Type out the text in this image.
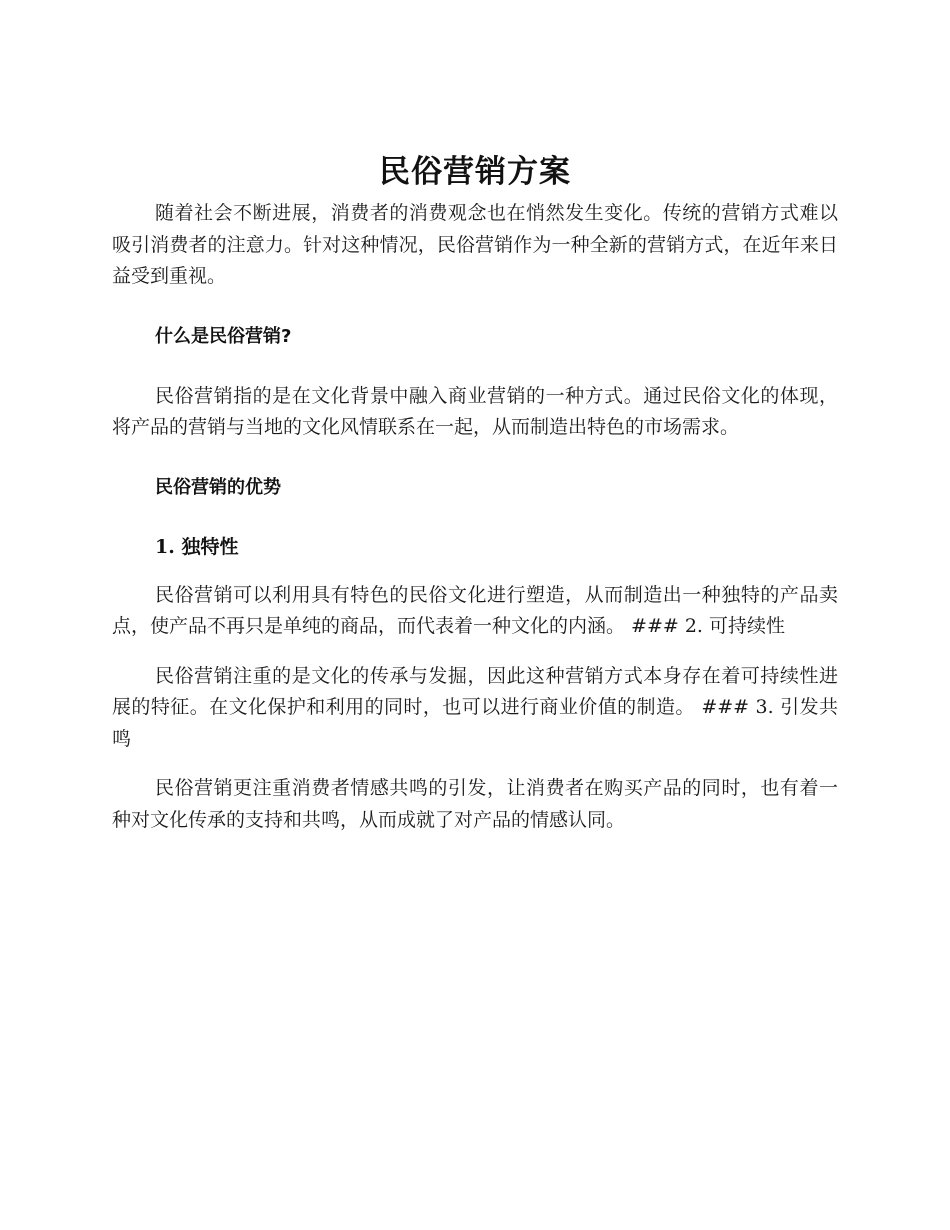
民俗营销方案

随着社会不断进展，消费者的消费观念也在悄然发生变化。传统的营销方式难以吸引消费者的注意力。针对这种情况，民俗营销作为一种全新的营销方式，在近年来日益受到重视。

什么是民俗营销?

民俗营销指的是在文化背景中融入商业营销的一种方式。通过民俗文化的体现，将产品的营销与当地的文化风情联系在一起，从而制造出特色的市场需求。

民俗营销的优势
1. 独特性

民俗营销可以利用具有特色的民俗文化进行塑造，从而制造出一种独特的产品卖点，使产品不再只是单纯的商品，而代表着一种文化的内涵。 ### 2. 可持续性

民俗营销注重的是文化的传承与发掘，因此这种营销方式本身存在着可持续性进展的特征。在文化保护和利用的同时，也可以进行商业价值的制造。 ### 3. 引发共鸣

民俗营销更注重消费者情感共鸣的引发，让消费者在购买产品的同时，也有着一种对文化传承的支持和共鸣，从而成就了对产品的情感认同。
